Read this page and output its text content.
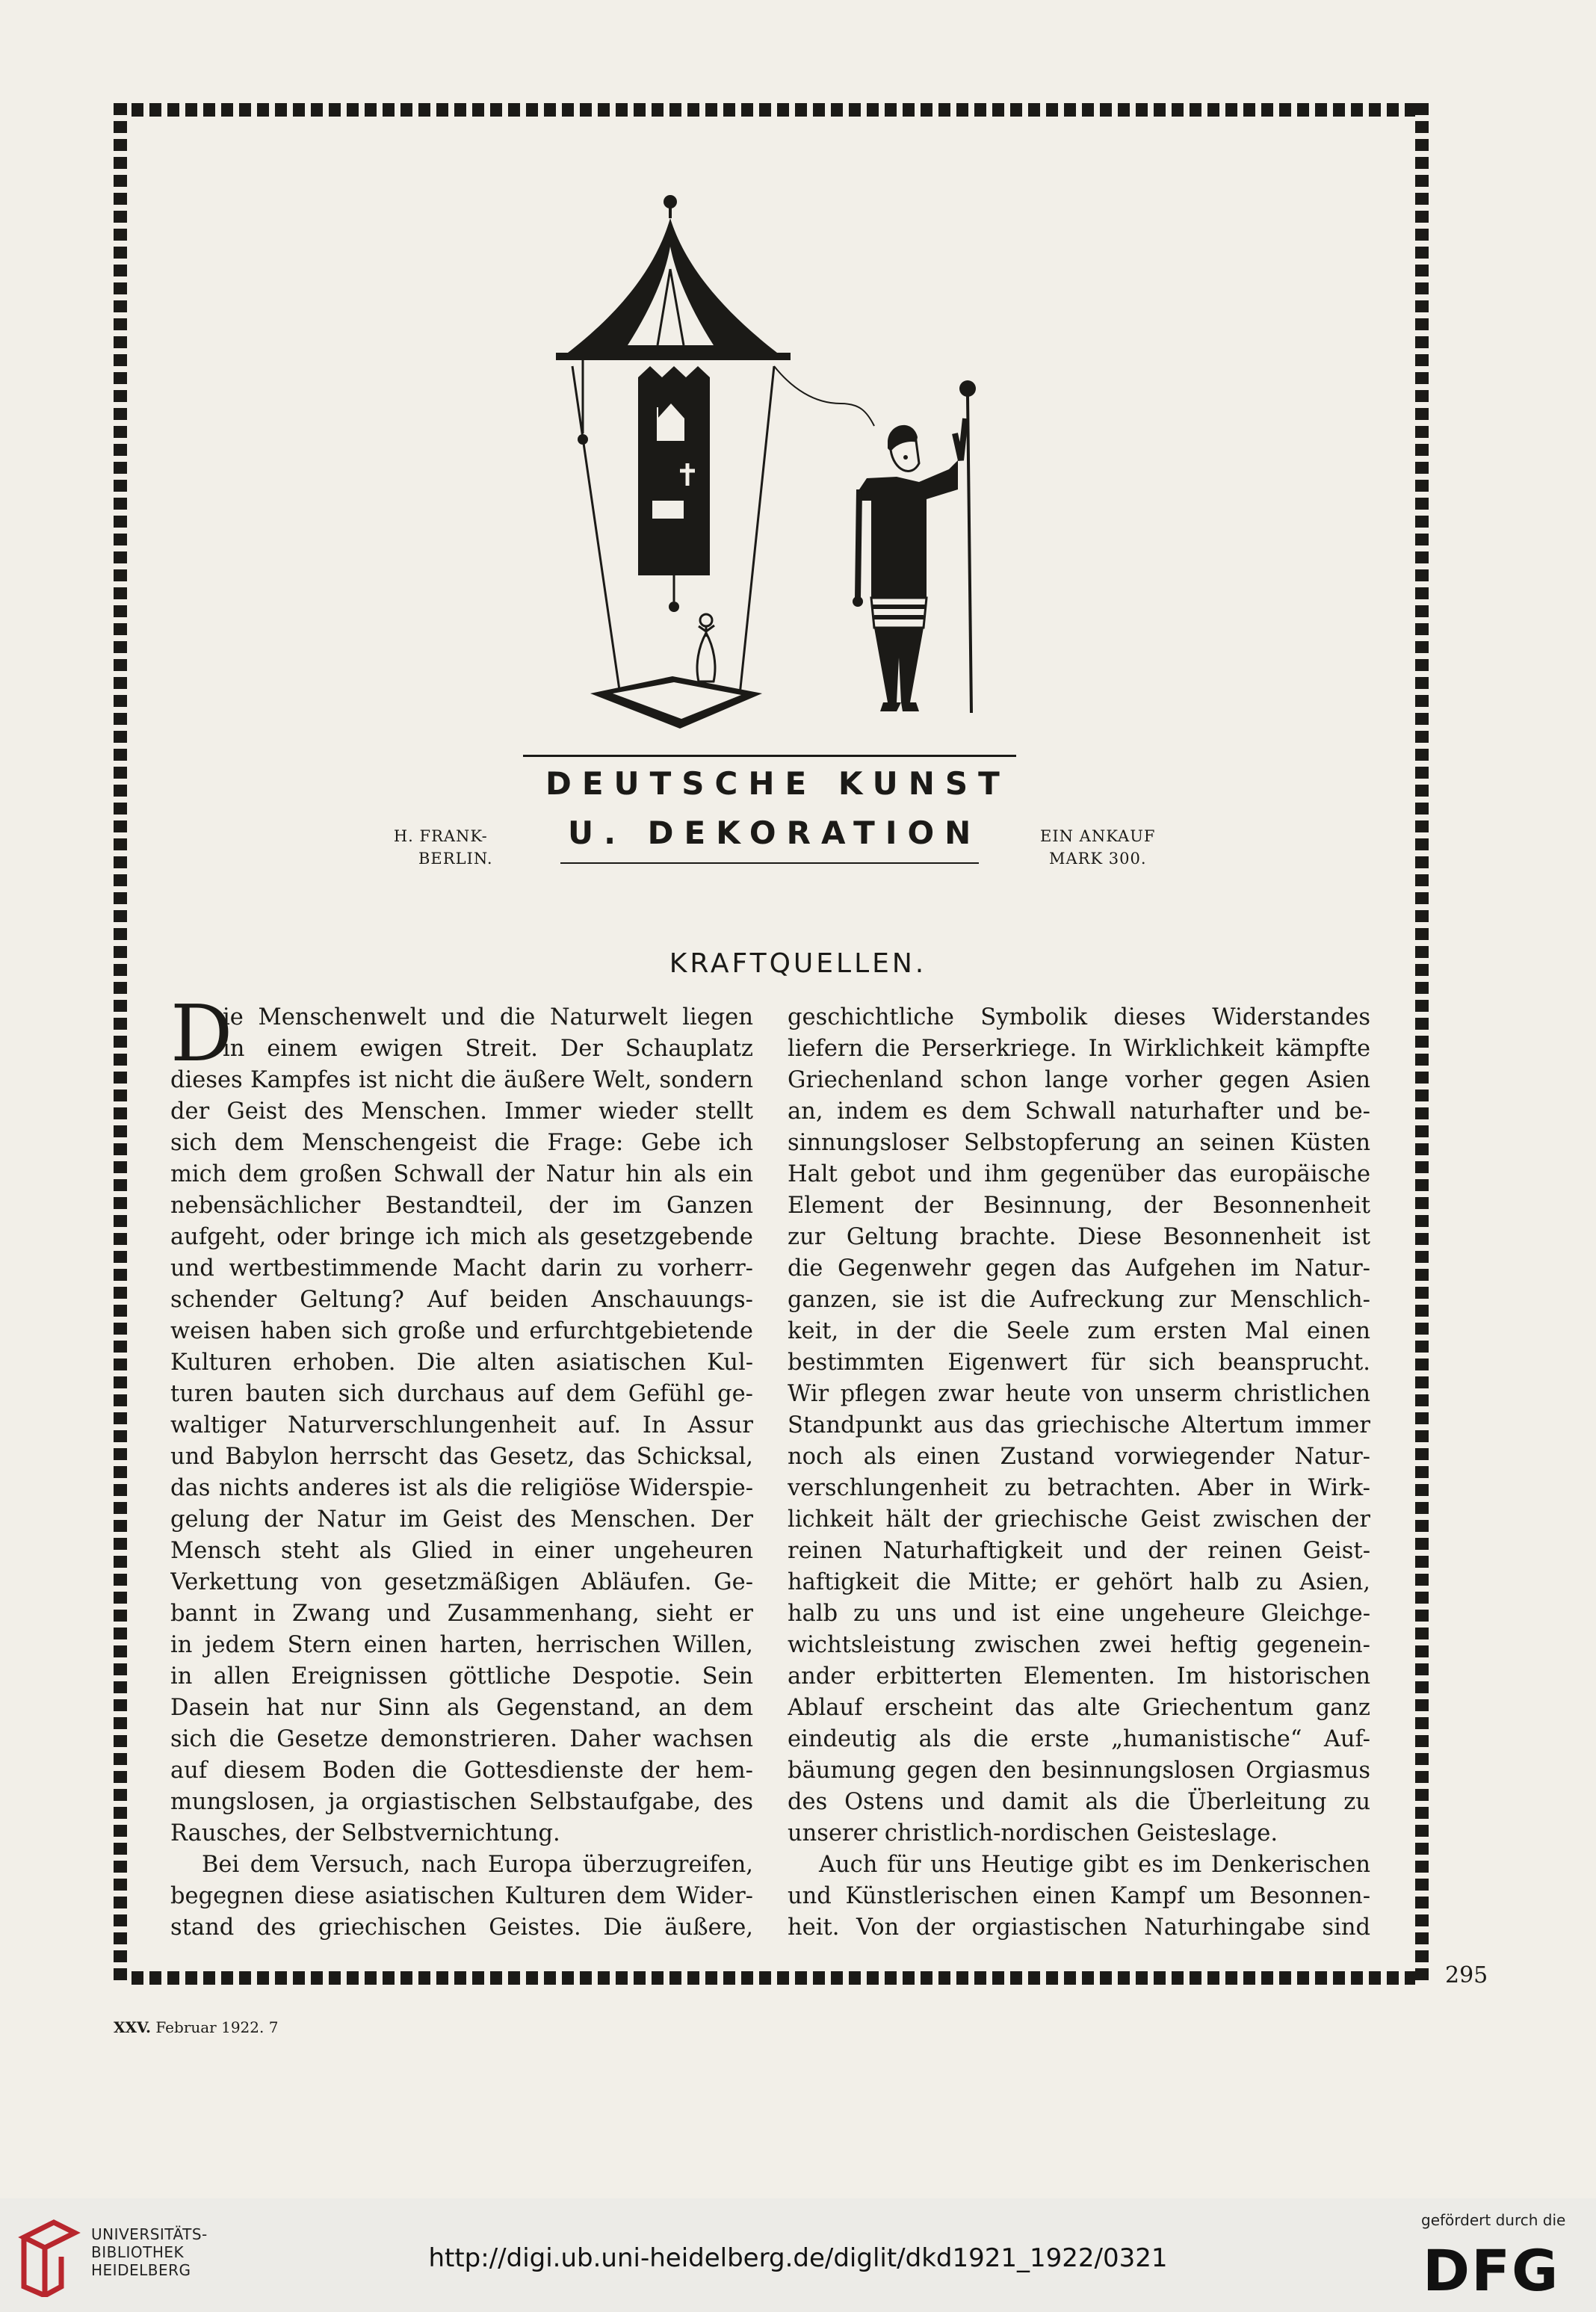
DEUTSCHE KUNST
U. DEKORATION
H. FRANK-
BERLIN.
EIN ANKAUF
MARK 300.
KRAFTQUELLEN.
D
ie Menschenwelt und die Naturwelt liegen
in einem ewigen Streit. Der Schauplatz
dieses Kampfes ist nicht die äußere Welt, sondern
der Geist des Menschen. Immer wieder stellt
sich dem Menschengeist die Frage: Gebe ich
mich dem großen Schwall der Natur hin als ein
nebensächlicher Bestandteil, der im Ganzen
aufgeht, oder bringe ich mich als gesetzgebende
und wertbestimmende Macht darin zu vorherr-
schender Geltung? Auf beiden Anschauungs-
weisen haben sich große und erfurchtgebietende
Kulturen erhoben. Die alten asiatischen Kul-
turen bauten sich durchaus auf dem Gefühl ge-
waltiger Naturverschlungenheit auf. In Assur
und Babylon herrscht das Gesetz, das Schicksal,
das nichts anderes ist als die religiöse Widerspie-
gelung der Natur im Geist des Menschen. Der
Mensch steht als Glied in einer ungeheuren
Verkettung von gesetzmäßigen Abläufen. Ge-
bannt in Zwang und Zusammenhang, sieht er
in jedem Stern einen harten, herrischen Willen,
in allen Ereignissen göttliche Despotie. Sein
Dasein hat nur Sinn als Gegenstand, an dem
sich die Gesetze demonstrieren. Daher wachsen
auf diesem Boden die Gottesdienste der hem-
mungslosen, ja orgiastischen Selbstaufgabe, des
Rausches, der Selbstvernichtung.
Bei dem Versuch, nach Europa überzugreifen,
begegnen diese asiatischen Kulturen dem Wider-
stand des griechischen Geistes. Die äußere,
geschichtliche Symbolik dieses Widerstandes
liefern die Perserkriege. In Wirklichkeit kämpfte
Griechenland schon lange vorher gegen Asien
an, indem es dem Schwall naturhafter und be-
sinnungsloser Selbstopferung an seinen Küsten
Halt gebot und ihm gegenüber das europäische
Element der Besinnung, der Besonnenheit
zur Geltung brachte. Diese Besonnenheit ist
die Gegenwehr gegen das Aufgehen im Natur-
ganzen, sie ist die Aufreckung zur Menschlich-
keit, in der die Seele zum ersten Mal einen
bestimmten Eigenwert für sich beansprucht.
Wir pflegen zwar heute von unserm christlichen
Standpunkt aus das griechische Altertum immer
noch als einen Zustand vorwiegender Natur-
verschlungenheit zu betrachten. Aber in Wirk-
lichkeit hält der griechische Geist zwischen der
reinen Naturhaftigkeit und der reinen Geist-
haftigkeit die Mitte; er gehört halb zu Asien,
halb zu uns und ist eine ungeheure Gleichge-
wichtsleistung zwischen zwei heftig gegenein-
ander erbitterten Elementen. Im historischen
Ablauf erscheint das alte Griechentum ganz
eindeutig als die erste „humanistische“ Auf-
bäumung gegen den besinnungslosen Orgiasmus
des Ostens und damit als die Überleitung zu
unserer christlich-nordischen Geisteslage.
Auch für uns Heutige gibt es im Denkerischen
und Künstlerischen einen Kampf um Besonnen-
heit. Von der orgiastischen Naturhingabe sind
295
XXV. Februar 1922. 7
UNIVERSITÄTS-
BIBLIOTHEK
HEIDELBERG	http://digi.ub.uni-heidelberg.de/diglit/dkd1921_1922/0321
gefördert durch die
DFG
